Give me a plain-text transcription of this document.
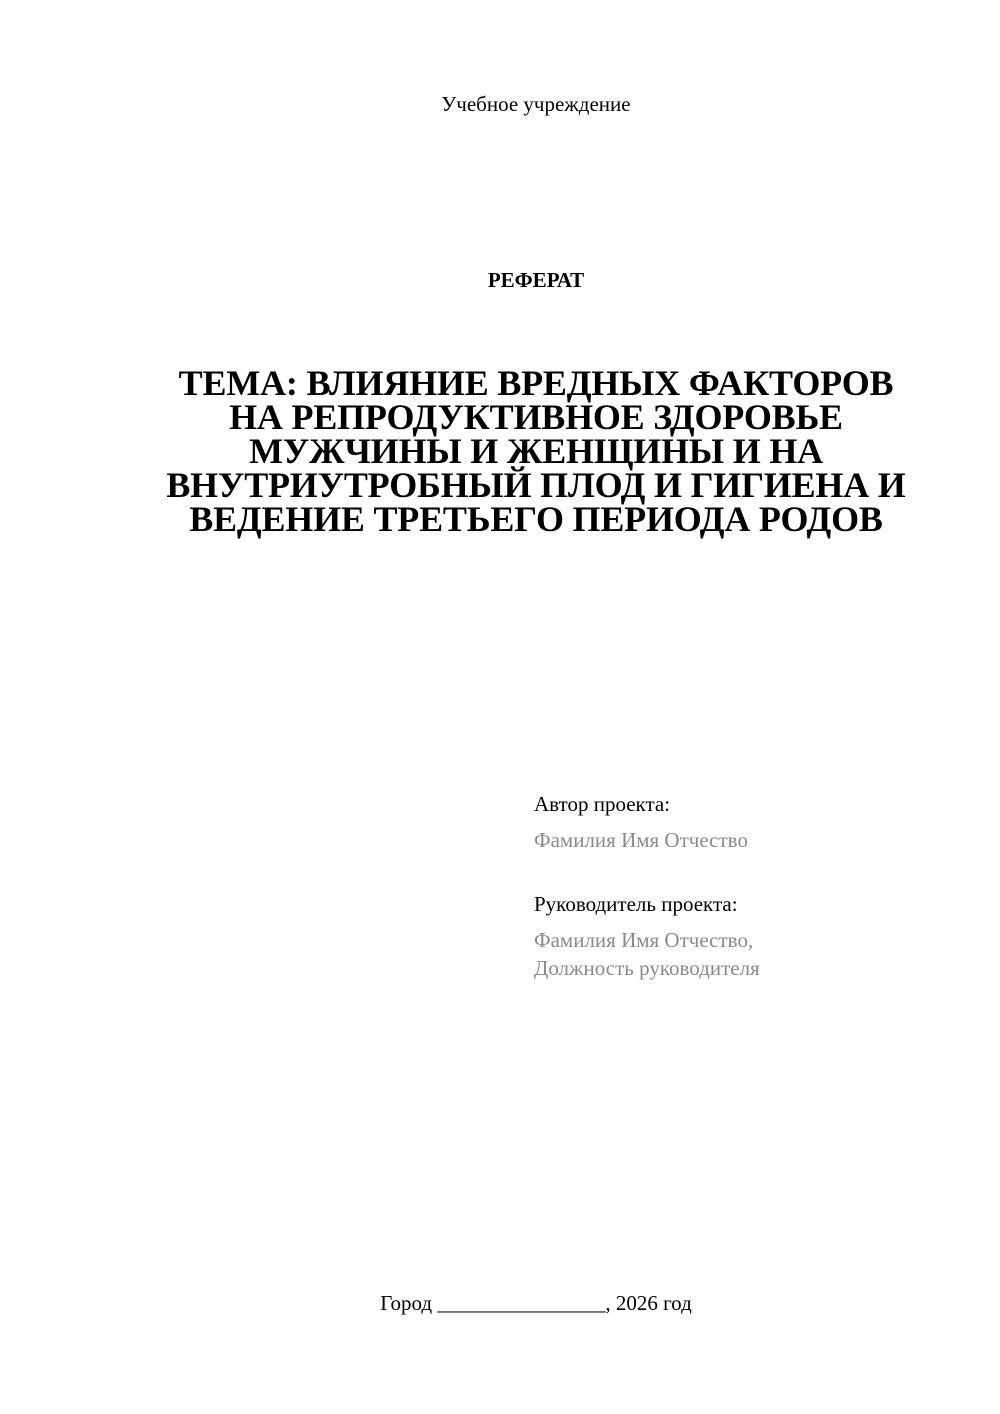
Учебное учреждение
РЕФЕРАТ
ТЕМА: ВЛИЯНИЕ ВРЕДНЫХ ФАКТОРОВ НА РЕПРОДУКТИВНОЕ ЗДОРОВЬЕ МУЖЧИНЫ И ЖЕНЩИНЫ И НА ВНУТРИУТРОБНЫЙ ПЛОД И ГИГИЕНА И ВЕДЕНИЕ ТРЕТЬЕГО ПЕРИОДА РОДОВ
Автор проекта:
Фамилия Имя Отчество
Руководитель проекта:
Фамилия Имя Отчество,
Должность руководителя
Город ________________, 2026 год
